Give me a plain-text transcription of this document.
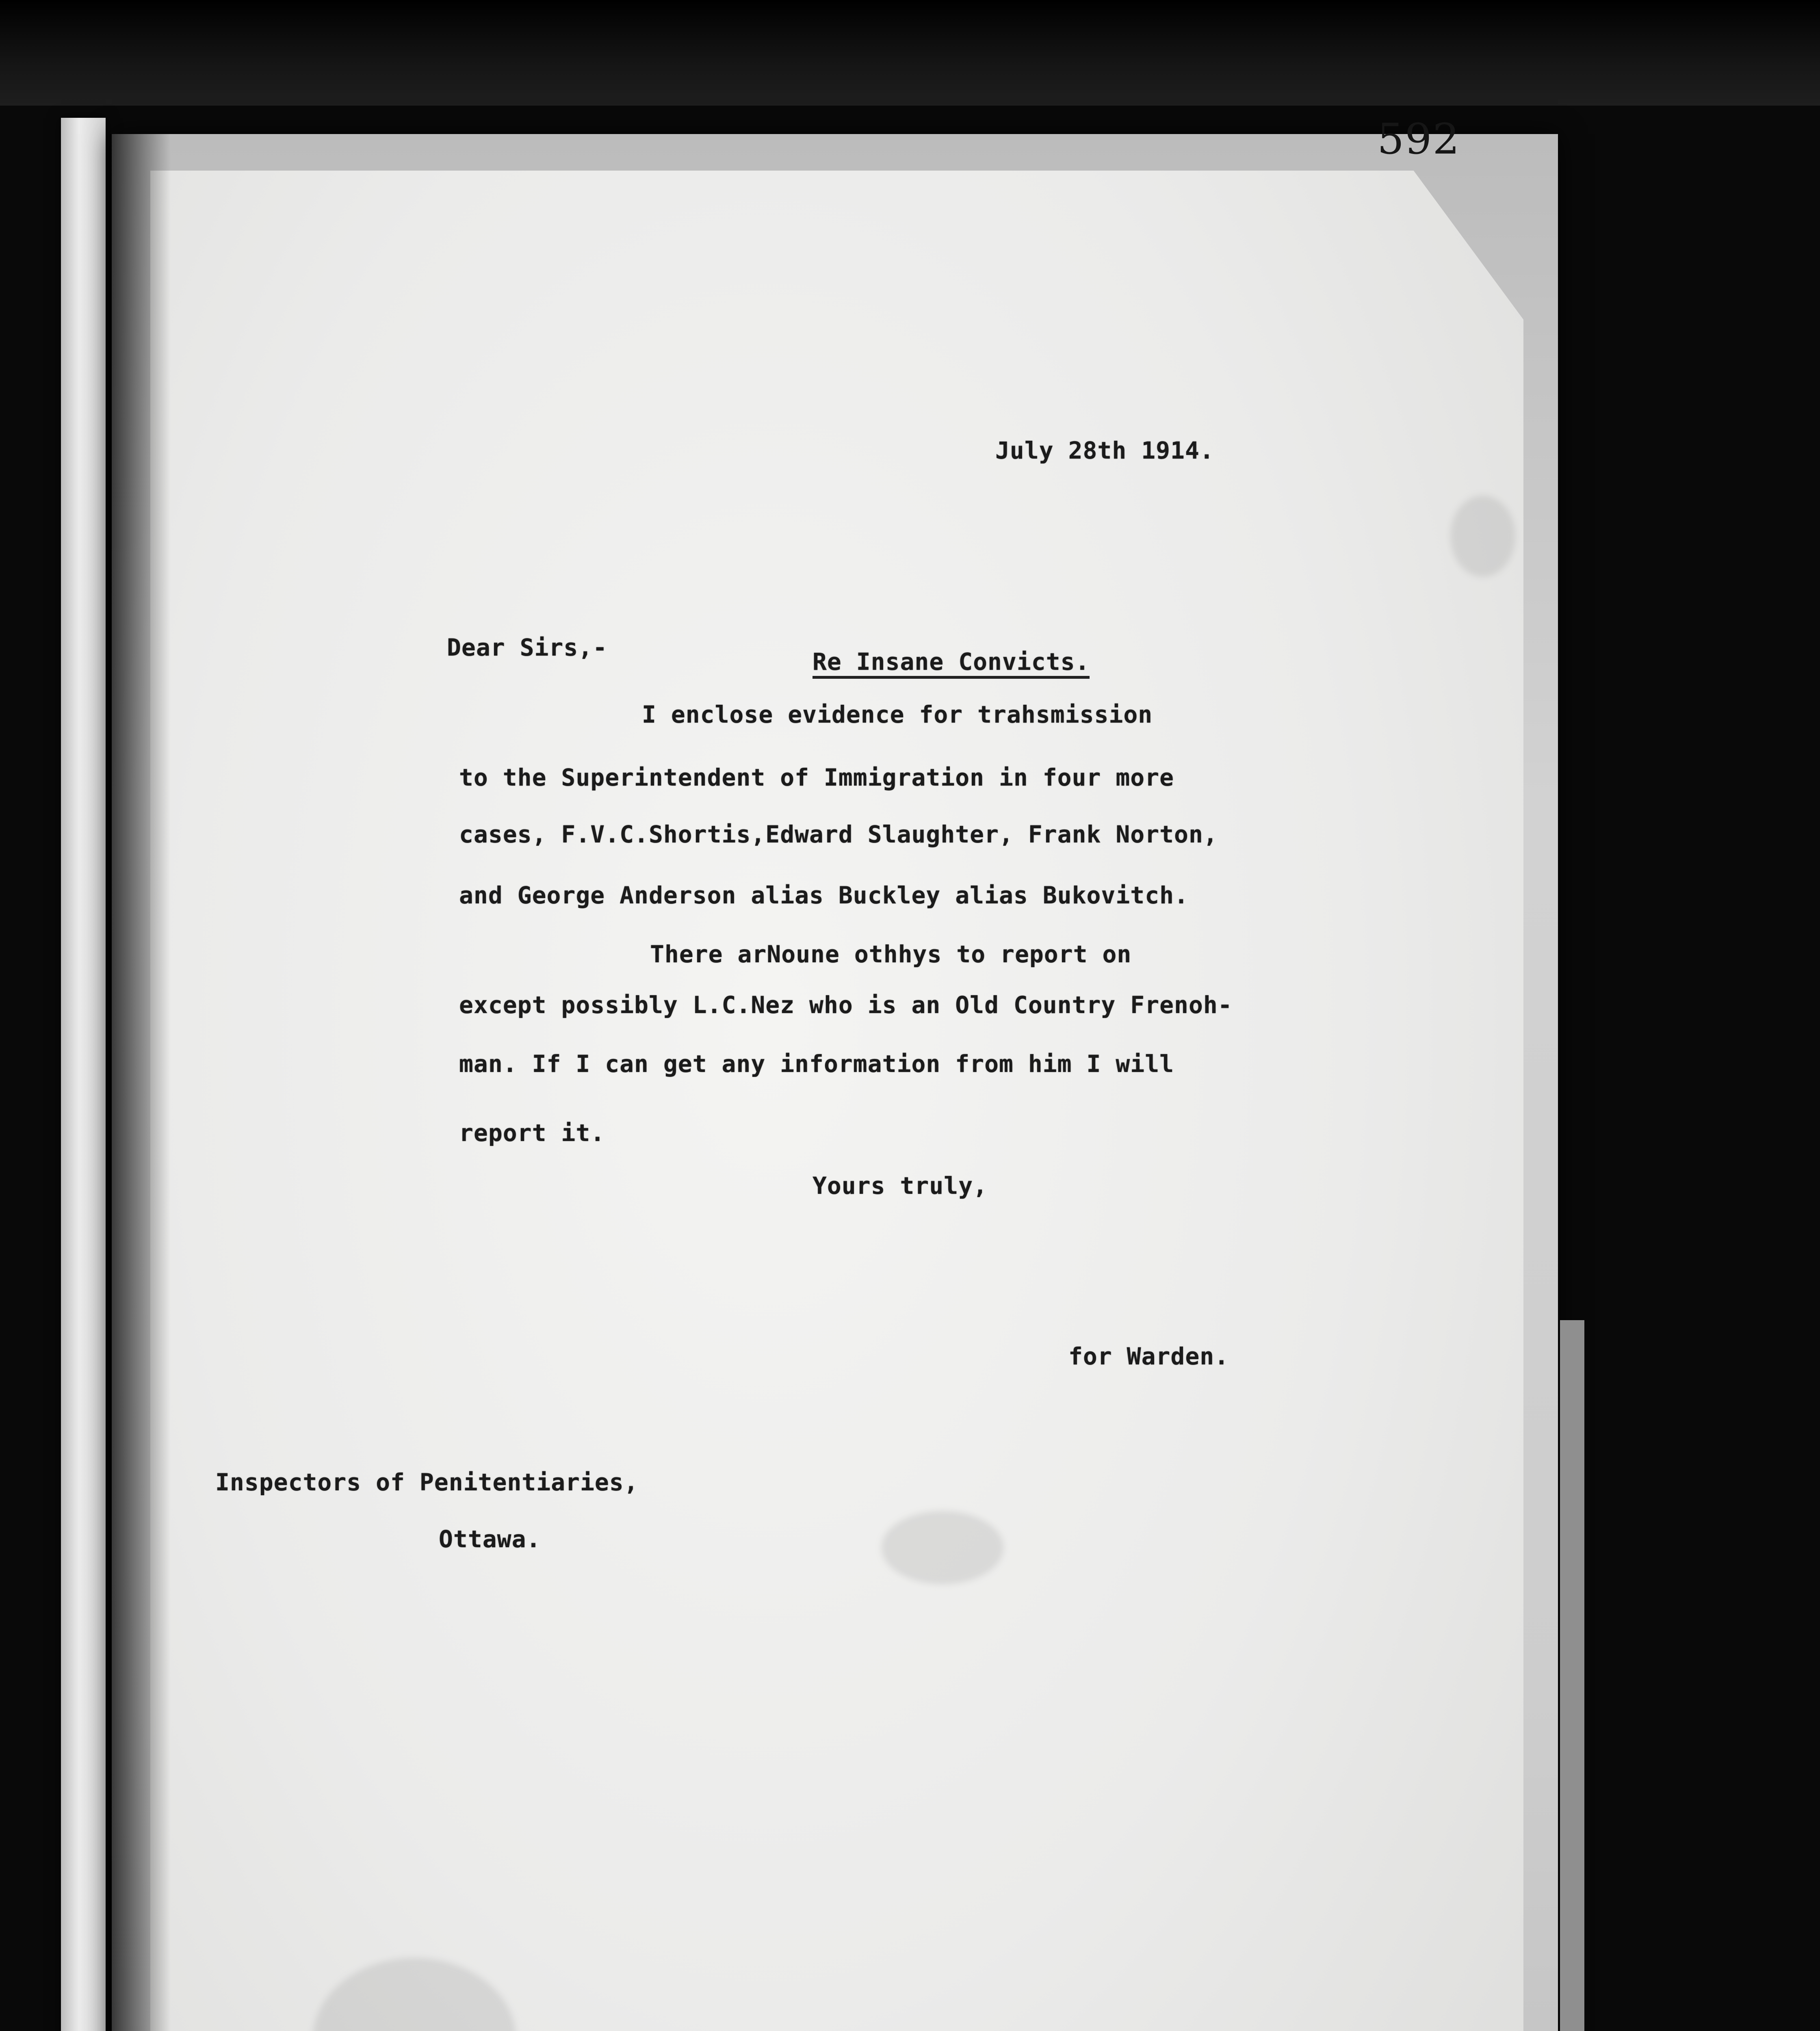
592
July 28th 1914.
Dear Sirs,-
Re Insane Convicts.
I enclose evidence for trahsmission
to the Superintendent of Immigration in four more
cases, F.V.C.Shortis,Edward Slaughter, Frank Norton,
and George Anderson alias Buckley alias Bukovitch.
There arNoune othhys to report on
except possibly L.C.Nez who is an Old Country Frenoh-
man. If I can get any information from him I will
report it.
Yours truly,
for Warden.
Inspectors of Penitentiaries,
Ottawa.
